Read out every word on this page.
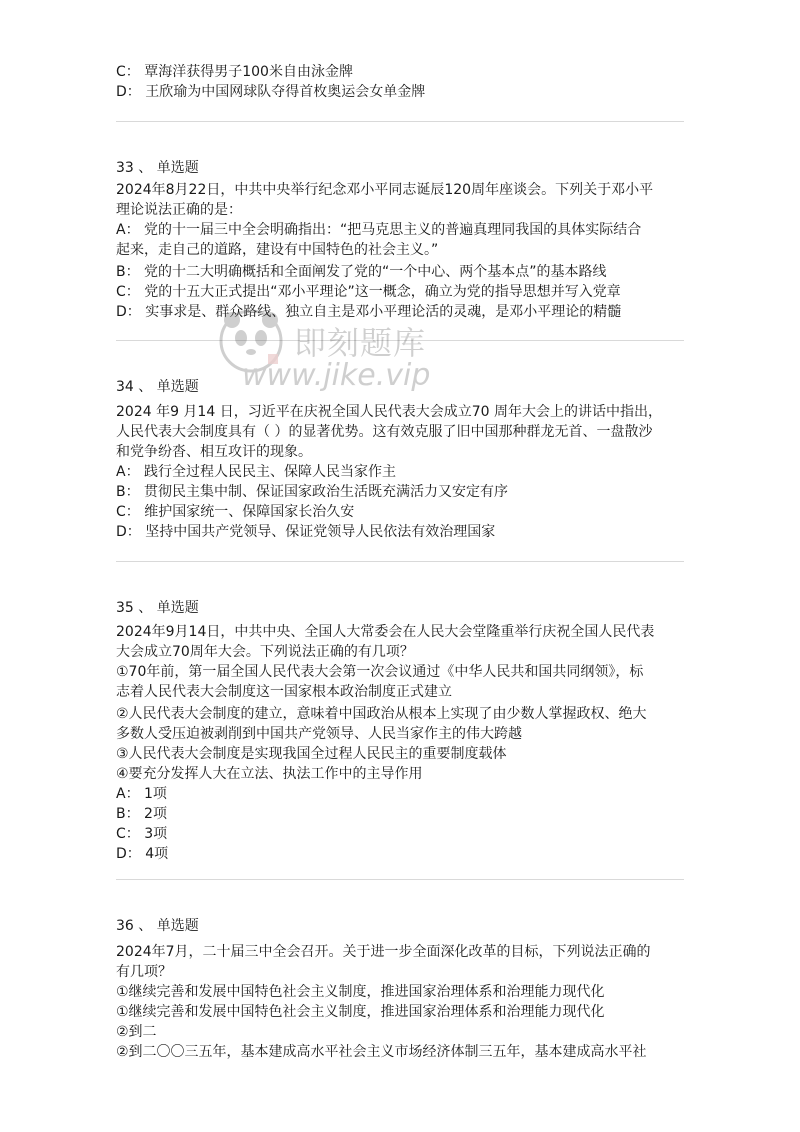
C： 覃海洋获得男子100米自由泳金牌
D： 王欣瑜为中国网球队夺得首枚奥运会女单金牌
33 、 单选题
2024年8月22日，中共中央举行纪念邓小平同志诞辰120周年座谈会。下列关于邓小平
理论说法正确的是：
A： 党的十一届三中全会明确指出：“把马克思主义的普遍真理同我国的具体实际结合
起来，走自己的道路，建设有中国特色的社会主义。”
B： 党的十二大明确概括和全面阐发了党的“一个中心、两个基本点”的基本路线
C： 党的十五大正式提出“邓小平理论”这一概念，确立为党的指导思想并写入党章
D： 实事求是、群众路线、独立自主是邓小平理论活的灵魂，是邓小平理论的精髓
34 、 单选题
2024 年9 月14 日，习近平在庆祝全国人民代表大会成立70 周年大会上的讲话中指出，
人民代表大会制度具有（ ）的显著优势。这有效克服了旧中国那种群龙无首、一盘散沙
和党争纷沓、相互攻讦的现象。
A： 践行全过程人民民主、保障人民当家作主
B： 贯彻民主集中制、保证国家政治生活既充满活力又安定有序
C： 维护国家统一、保障国家长治久安
D： 坚持中国共产党领导、保证党领导人民依法有效治理国家
35 、 单选题
2024年9月14日，中共中央、全国人大常委会在人民大会堂隆重举行庆祝全国人民代表
大会成立70周年大会。下列说法正确的有几项？
①70年前，第一届全国人民代表大会第一次会议通过《中华人民共和国共同纲领》，标
志着人民代表大会制度这一国家根本政治制度正式建立
②人民代表大会制度的建立，意味着中国政治从根本上实现了由少数人掌握政权、绝大
多数人受压迫被剥削到中国共产党领导、人民当家作主的伟大跨越
③人民代表大会制度是实现我国全过程人民民主的重要制度载体
④要充分发挥人大在立法、执法工作中的主导作用
A： 1项
B： 2项
C： 3项
D： 4项
36 、 单选题
2024年7月，二十届三中全会召开。关于进一步全面深化改革的目标，下列说法正确的
有几项？
①继续完善和发展中国特色社会主义制度，推进国家治理体系和治理能力现代化
①继续完善和发展中国特色社会主义制度，推进国家治理体系和治理能力现代化
②到二
②到二〇〇三五年，基本建成高水平社会主义市场经济体制三五年，基本建成高水平社
即刻题库
www.jike.vip
